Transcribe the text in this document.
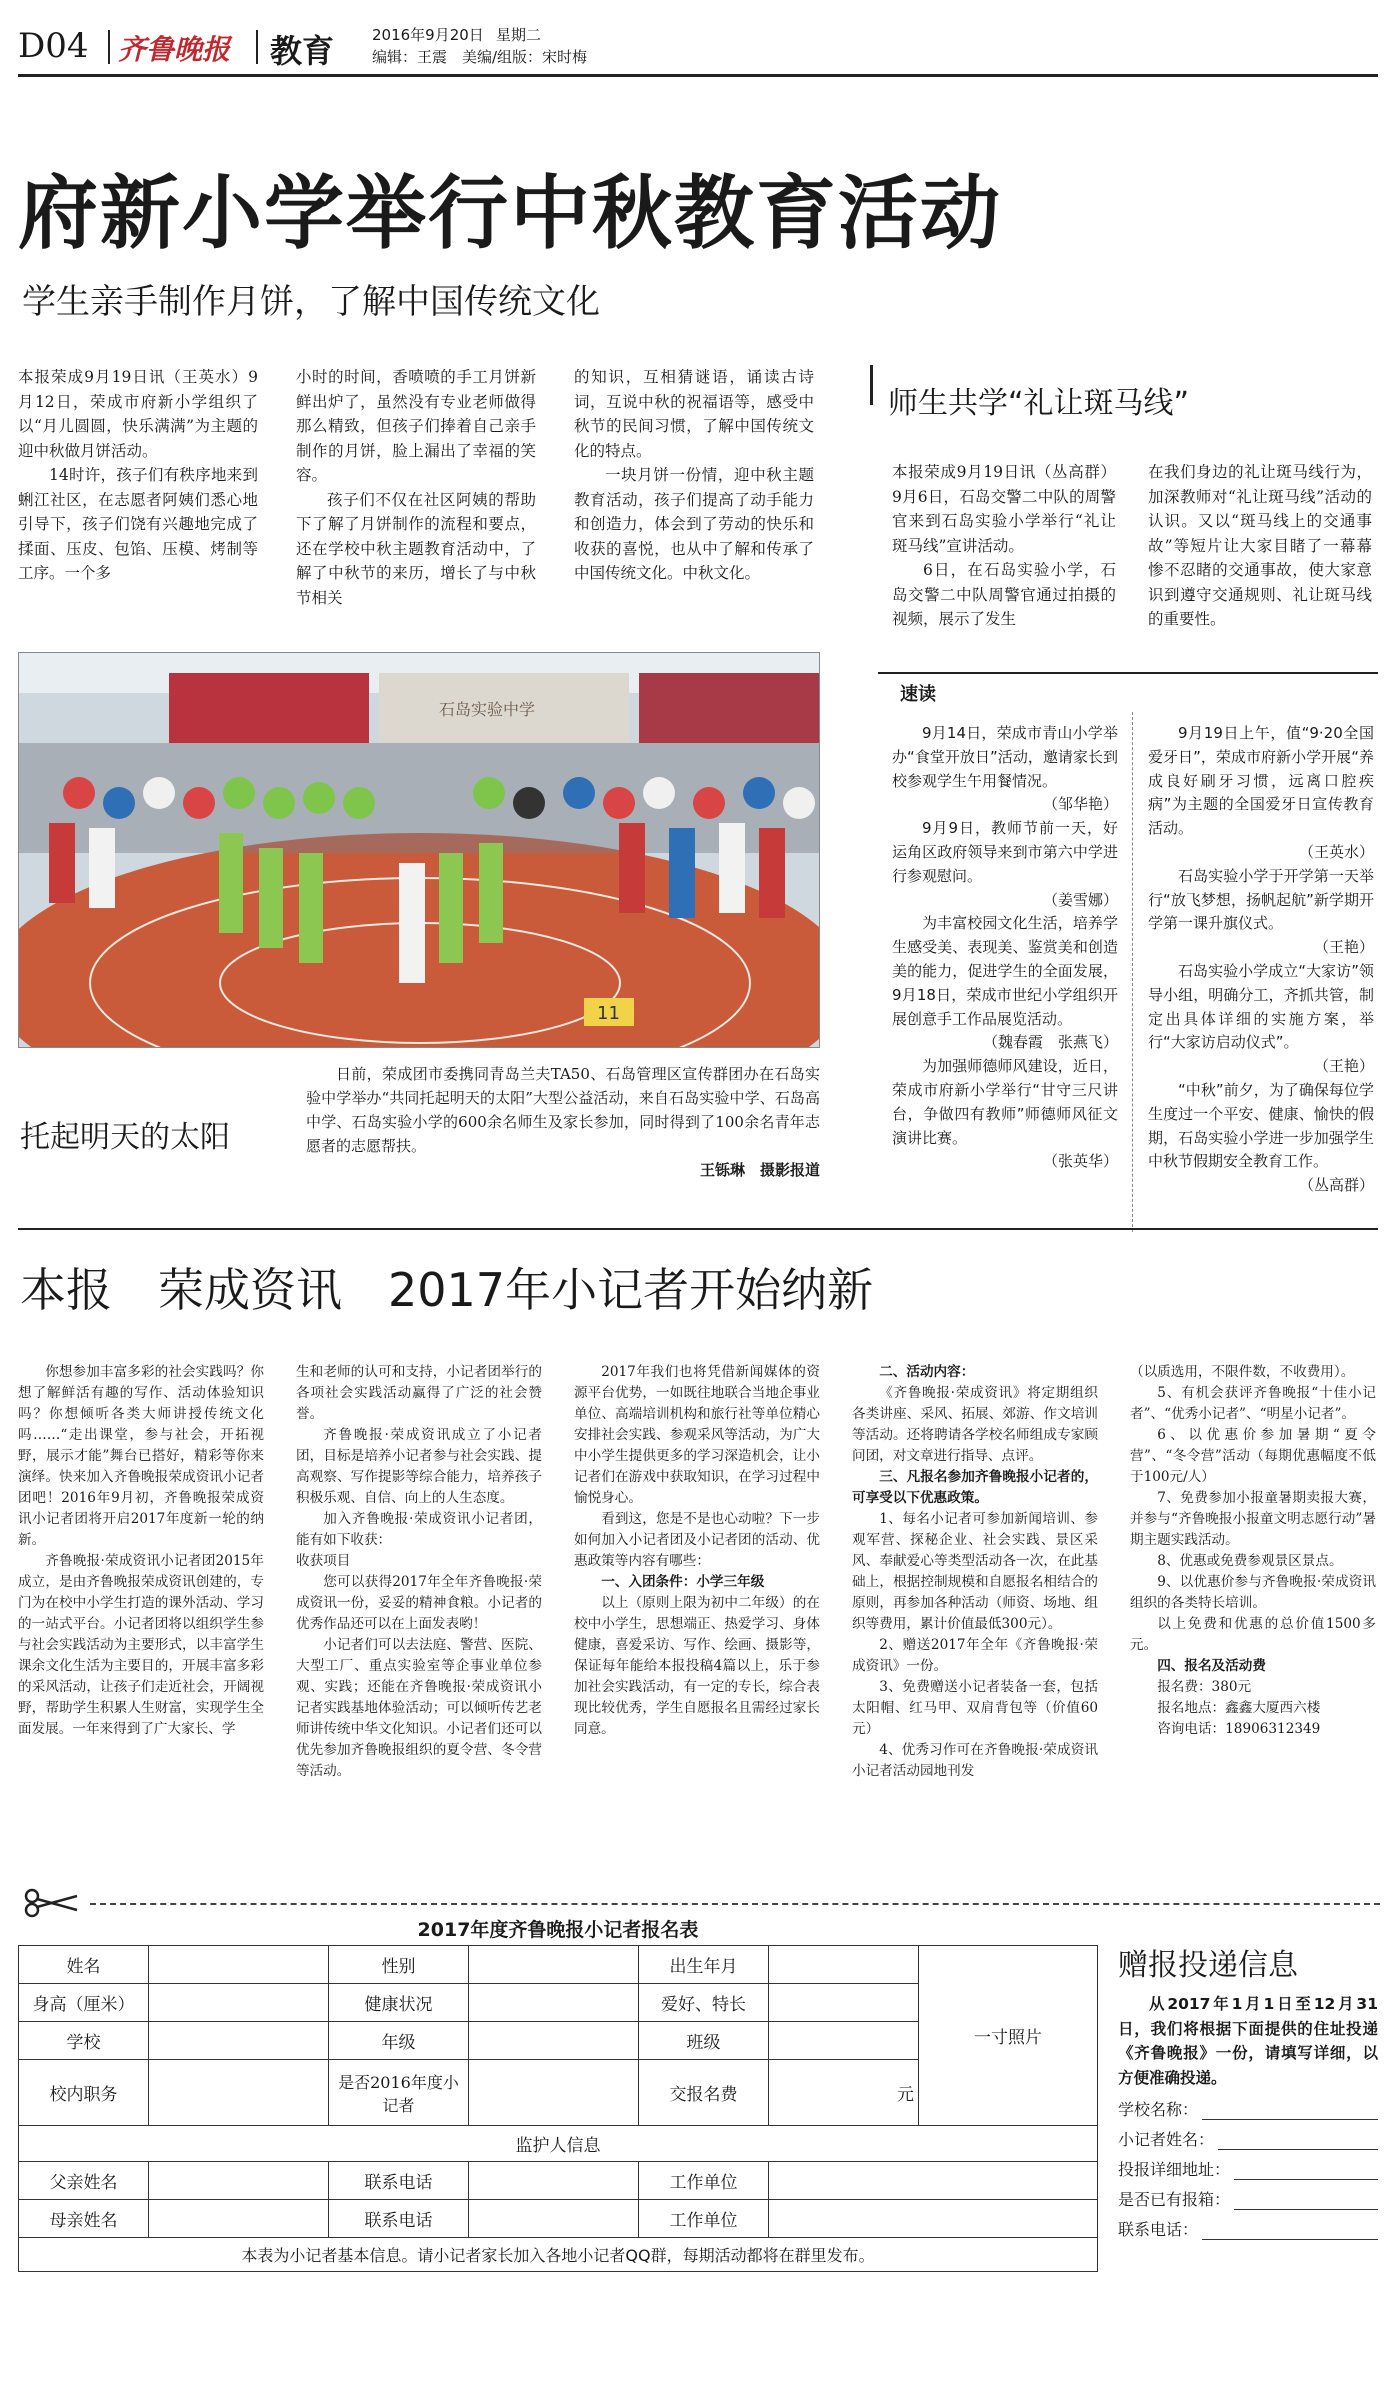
D04 齐鲁晚报 教育	2016年9月20日 星期二
编辑：王震　美编/组版：宋时梅
府新小学举行中秋教育活动
学生亲手制作月饼，了解中国传统文化

本报荣成9月19日讯（王英水）9月12日，荣成市府新小学组织了以“月儿圆圆，快乐满满”为主题的迎中秋做月饼活动。

14时许，孩子们有秩序地来到蜊江社区，在志愿者阿姨们悉心地引导下，孩子们饶有兴趣地完成了揉面、压皮、包馅、压模、烤制等工序。一个多

小时的时间，香喷喷的手工月饼新鲜出炉了，虽然没有专业老师做得那么精致，但孩子们捧着自己亲手制作的月饼，脸上漏出了幸福的笑容。

孩子们不仅在社区阿姨的帮助下了解了月饼制作的流程和要点，还在学校中秋主题教育活动中，了解了中秋节的来历，增长了与中秋节相关

的知识，互相猜谜语，诵读古诗词，互说中秋的祝福语等，感受中秋节的民间习惯，了解中国传统文化的特点。

一块月饼一份情，迎中秋主题教育活动，孩子们提高了动手能力和创造力，体会到了劳动的快乐和收获的喜悦，也从中了解和传承了中国传统文化。中秋文化。

师生共学“礼让斑马线”

本报荣成9月19日讯（丛高群）9月6日，石岛交警二中队的周警官来到石岛实验小学举行“礼让斑马线”宣讲活动。

6日，在石岛实验小学，石岛交警二中队周警官通过拍摄的视频，展示了发生

在我们身边的礼让斑马线行为，加深教师对“礼让斑马线”活动的认识。又以“斑马线上的交通事故”等短片让大家目睹了一幕幕惨不忍睹的交通事故，使大家意识到遵守交通规则、礼让斑马线的重要性。

速读

9月14日，荣成市青山小学举办“食堂开放日”活动，邀请家长到校参观学生午用餐情况。

（邹华艳）

9月9日，教师节前一天，好运角区政府领导来到市第六中学进行参观慰问。

（姜雪娜）

为丰富校园文化生活，培养学生感受美、表现美、鉴赏美和创造美的能力，促进学生的全面发展，9月18日，荣成市世纪小学组织开展创意手工作品展览活动。

（魏春霞　张燕飞）

为加强师德师风建设，近日，荣成市府新小学举行“甘守三尺讲台，争做四有教师”师德师风征文演讲比赛。

（张英华）

9月19日上午，值“9·20全国爱牙日”，荣成市府新小学开展“养成良好刷牙习惯，远离口腔疾病”为主题的全国爱牙日宣传教育活动。

（王英水）

石岛实验小学于开学第一天举行“放飞梦想，扬帆起航”新学期开学第一课升旗仪式。

（王艳）

石岛实验小学成立“大家访”领导小组，明确分工，齐抓共管，制定出具体详细的实施方案，举行“大家访启动仪式”。

（王艳）

“中秋”前夕，为了确保每位学生度过一个平安、健康、愉快的假期，石岛实验小学进一步加强学生中秋节假期安全教育工作。

（丛高群）

石岛实验中学
11
托起明天的太阳

日前，荣成团市委携同青岛兰夫TA50、石岛管理区宣传群团办在石岛实验中学举办“共同托起明天的太阳”大型公益活动，来自石岛实验中学、石岛高中学、石岛实验小学的600余名师生及家长参加，同时得到了100余名青年志愿者的志愿帮扶。

王铄琳　摄影报道

本报　荣成资讯　2017年小记者开始纳新

你想参加丰富多彩的社会实践吗？你想了解鲜活有趣的写作、活动体验知识吗？你想倾听各类大师讲授传统文化吗……“走出课堂，参与社会，开拓视野，展示才能”舞台已搭好，精彩等你来演绎。快来加入齐鲁晚报荣成资讯小记者团吧！2016年9月初，齐鲁晚报荣成资讯小记者团将开启2017年度新一轮的纳新。

齐鲁晚报·荣成资讯小记者团2015年成立，是由齐鲁晚报荣成资讯创建的，专门为在校中小学生打造的课外活动、学习的一站式平台。小记者团将以组织学生参与社会实践活动为主要形式，以丰富学生课余文化生活为主要目的，开展丰富多彩的采风活动，让孩子们走近社会，开阔视野，帮助学生积累人生财富，实现学生全面发展。一年来得到了广大家长、学

生和老师的认可和支持，小记者团举行的各项社会实践活动赢得了广泛的社会赞誉。

齐鲁晚报·荣成资讯成立了小记者团，目标是培养小记者参与社会实践、提高观察、写作提影等综合能力，培养孩子积极乐观、自信、向上的人生态度。

加入齐鲁晚报·荣成资讯小记者团，能有如下收获：

收获项目

您可以获得2017年全年齐鲁晚报·荣成资讯一份，妥妥的精神食粮。小记者的优秀作品还可以在上面发表哟！

小记者们可以去法庭、警营、医院、大型工厂、重点实验室等企事业单位参观、实践；还能在齐鲁晚报·荣成资讯小记者实践基地体验活动；可以倾听传艺老师讲传统中华文化知识。小记者们还可以优先参加齐鲁晚报组织的夏令营、冬令营等活动。

2017年我们也将凭借新闻媒体的资源平台优势，一如既往地联合当地企事业单位、高端培训机构和旅行社等单位精心安排社会实践、参观采风等活动，为广大中小学生提供更多的学习深造机会，让小记者们在游戏中获取知识，在学习过程中愉悦身心。

看到这，您是不是也心动啦？下一步如何加入小记者团及小记者团的活动、优惠政策等内容有哪些：

一、入团条件：小学三年级

以上（原则上限为初中二年级）的在校中小学生，思想端正、热爱学习、身体健康，喜爱采访、写作、绘画、摄影等，保证每年能给本报投稿4篇以上，乐于参加社会实践活动，有一定的专长，综合表现比较优秀，学生自愿报名且需经过家长同意。

二、活动内容：

《齐鲁晚报·荣成资讯》将定期组织各类讲座、采风、拓展、郊游、作文培训等活动。还将聘请各学校名师组成专家顾问团，对文章进行指导、点评。

三、凡报名参加齐鲁晚报小记者的，可享受以下优惠政策。

1、每名小记者可参加新闻培训、参观军营、探秘企业、社会实践、景区采风、奉献爱心等类型活动各一次，在此基础上，根据控制规模和自愿报名相结合的原则，再参加各种活动（师资、场地、组织等费用，累计价值最低300元）。

2、赠送2017年全年《齐鲁晚报·荣成资讯》一份。

3、免费赠送小记者装备一套，包括太阳帽、红马甲、双肩背包等（价值60元）

4、优秀习作可在齐鲁晚报·荣成资讯小记者活动园地刊发

（以质选用，不限件数，不收费用）。

5、有机会获评齐鲁晚报“十佳小记者”、“优秀小记者”、“明星小记者”。

6、以优惠价参加暑期“夏令营”、“冬令营”活动（每期优惠幅度不低于100元/人）

7、免费参加小报童暑期卖报大赛，并参与“齐鲁晚报小报童文明志愿行动”暑期主题实践活动。

8、优惠或免费参观景区景点。

9、以优惠价参与齐鲁晚报·荣成资讯组织的各类特长培训。

以上免费和优惠的总价值1500多元。

四、报名及活动费

报名费：380元

报名地点：鑫鑫大厦西六楼

咨询电话：18906312349

2017年度齐鲁晚报小记者报名表
姓名		性别		出生年月		一寸照片
身高（厘米）		健康状况		爱好、特长		
学校		年级		班级		
校内职务		是否2016年度小记者		交报名费	元	
监护人信息						
父亲姓名		联系电话		工作单位		
母亲姓名		联系电话		工作单位		
本表为小记者基本信息。请小记者家长加入各地小记者QQ群，每期活动都将在群里发布。						
赠报投递信息
从2017年1月1日至12月31日，我们将根据下面提供的住址投递《齐鲁晚报》一份，请填写详细，以方便准确投递。
学校名称：
小记者姓名：
投报详细地址：
是否已有报箱：
联系电话：
